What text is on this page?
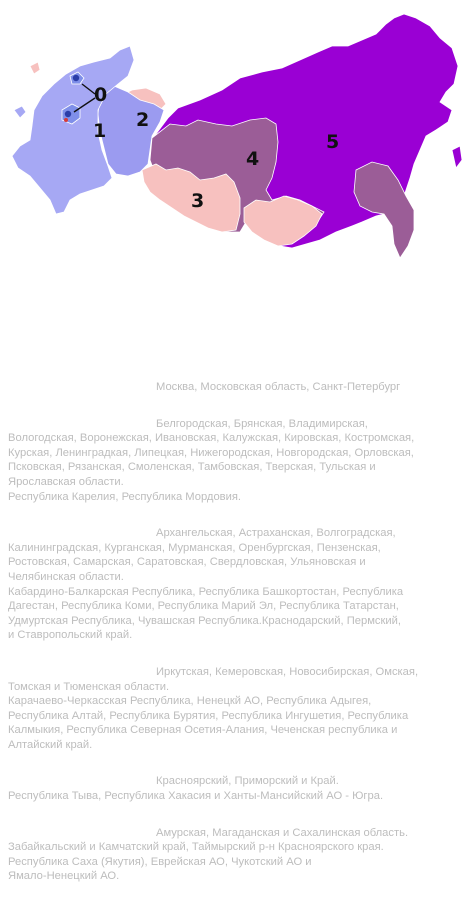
0
1 2
3
4
5
Москва, Московская область, Санкт-Петербург
Белгородская, Брянская, Владимирская,
Вологодская, Воронежская, Ивановская, Калужская, Кировская, Костромская,
Курская, Ленинградкая, Липецкая, Нижегородская, Новгородская, Орловская,
Псковская, Рязанская, Смоленская, Тамбовская, Тверская, Тульская и
Ярославская области.
Республика Карелия, Республика Мордовия.
Архангельская, Астраханская, Волгоградская,
Калининградская, Курганская, Мурманская, Оренбургская, Пензенская,
Ростовская, Самарская, Саратовская, Свердловская, Ульяновская и
Челябинская области.
Кабардино-Балкарская Республика, Республика Башкортостан, Республика
Дагестан, Республика Коми, Республика Марий Эл, Республика Татарстан,
Удмуртская Республика, Чувашская Республика.Краснодарский, Пермский,
и Ставропольский край.
Иркутская, Кемеровская, Новосибирская, Омская,
Томская и Тюменская области.
Карачаево-Черкасская Республика, Ненецкй АО, Республика Адыгея,
Республика Алтай, Республика Бурятия, Республика Ингушетия, Республика
Калмыкия, Республика Северная Осетия-Алания, Чеченская республика и
Алтайский край.
Красноярский, Приморский и Край.
Республика Тыва, Республика Хакасия и Ханты-Мансийский АО - Югра.
Амурская, Магаданская и Сахалинская область.
Забайкальский и Камчатский край, Таймырский р-н Красноярского края.
Республика Саха (Якутия), Еврейская АО, Чукотский АО и
Ямало-Ненецкий АО.
